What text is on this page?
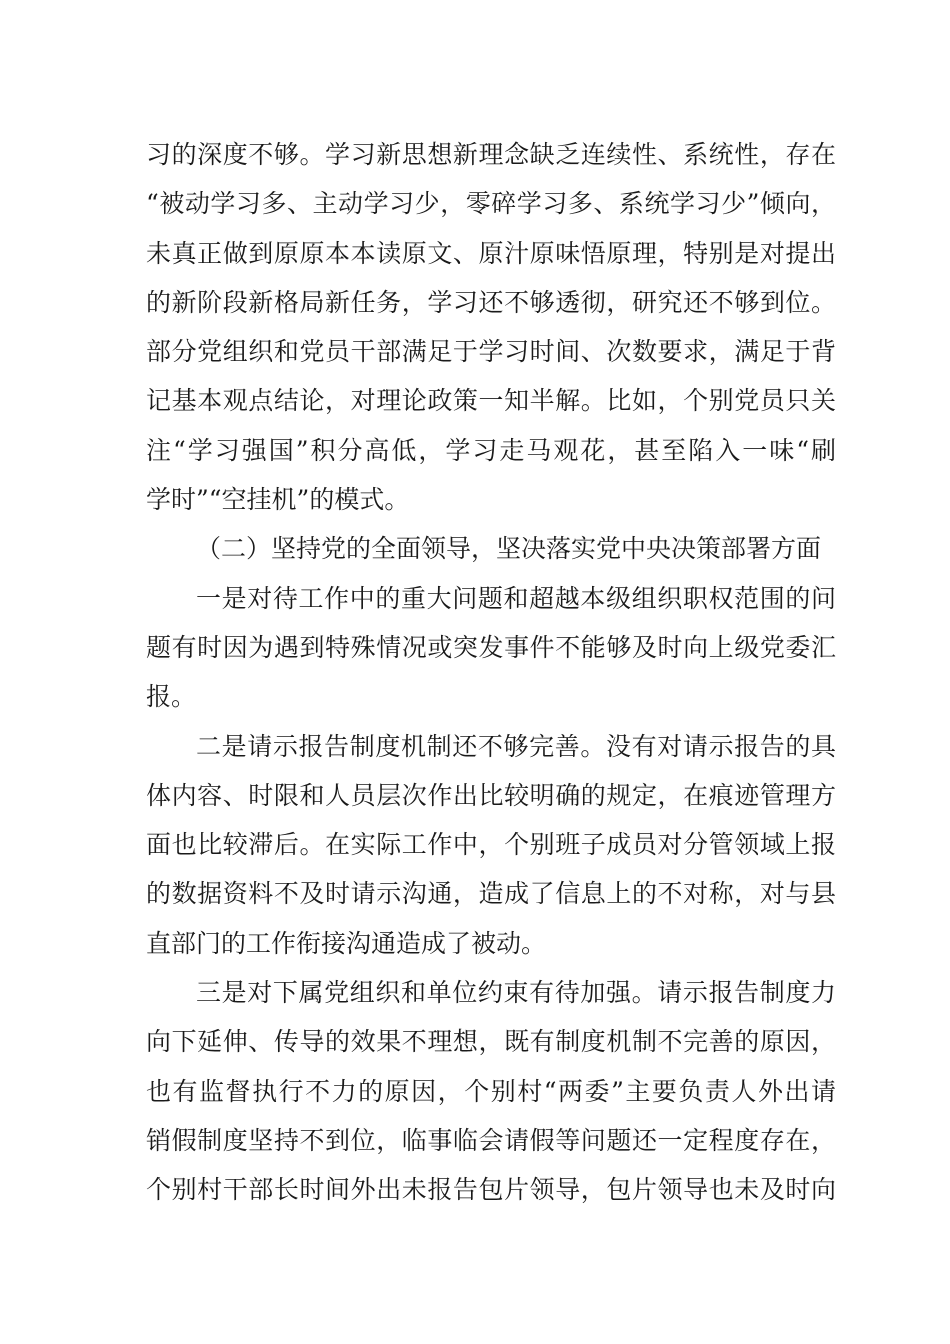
习的深度不够。学习新思想新理念缺乏连续性、系统性，存在
“被动学习多、主动学习少，零碎学习多、系统学习少”倾向，
未真正做到原原本本读原文、原汁原味悟原理，特别是对提出
的新阶段新格局新任务，学习还不够透彻，研究还不够到位。
部分党组织和党员干部满足于学习时间、次数要求，满足于背
记基本观点结论，对理论政策一知半解。比如，个别党员只关
注“学习强国”积分高低，学习走马观花，甚至陷入一味“刷
学时”“空挂机”的模式。
（二）坚持党的全面领导，坚决落实党中央决策部署方面
一是对待工作中的重大问题和超越本级组织职权范围的问
题有时因为遇到特殊情况或突发事件不能够及时向上级党委汇
报。
二是请示报告制度机制还不够完善。没有对请示报告的具
体内容、时限和人员层次作出比较明确的规定，在痕迹管理方
面也比较滞后。在实际工作中，个别班子成员对分管领域上报
的数据资料不及时请示沟通，造成了信息上的不对称，对与县
直部门的工作衔接沟通造成了被动。
三是对下属党组织和单位约束有待加强。请示报告制度力
向下延伸、传导的效果不理想，既有制度机制不完善的原因，
也有监督执行不力的原因，个别村“两委”主要负责人外出请
销假制度坚持不到位，临事临会请假等问题还一定程度存在，
个别村干部长时间外出未报告包片领导，包片领导也未及时向
